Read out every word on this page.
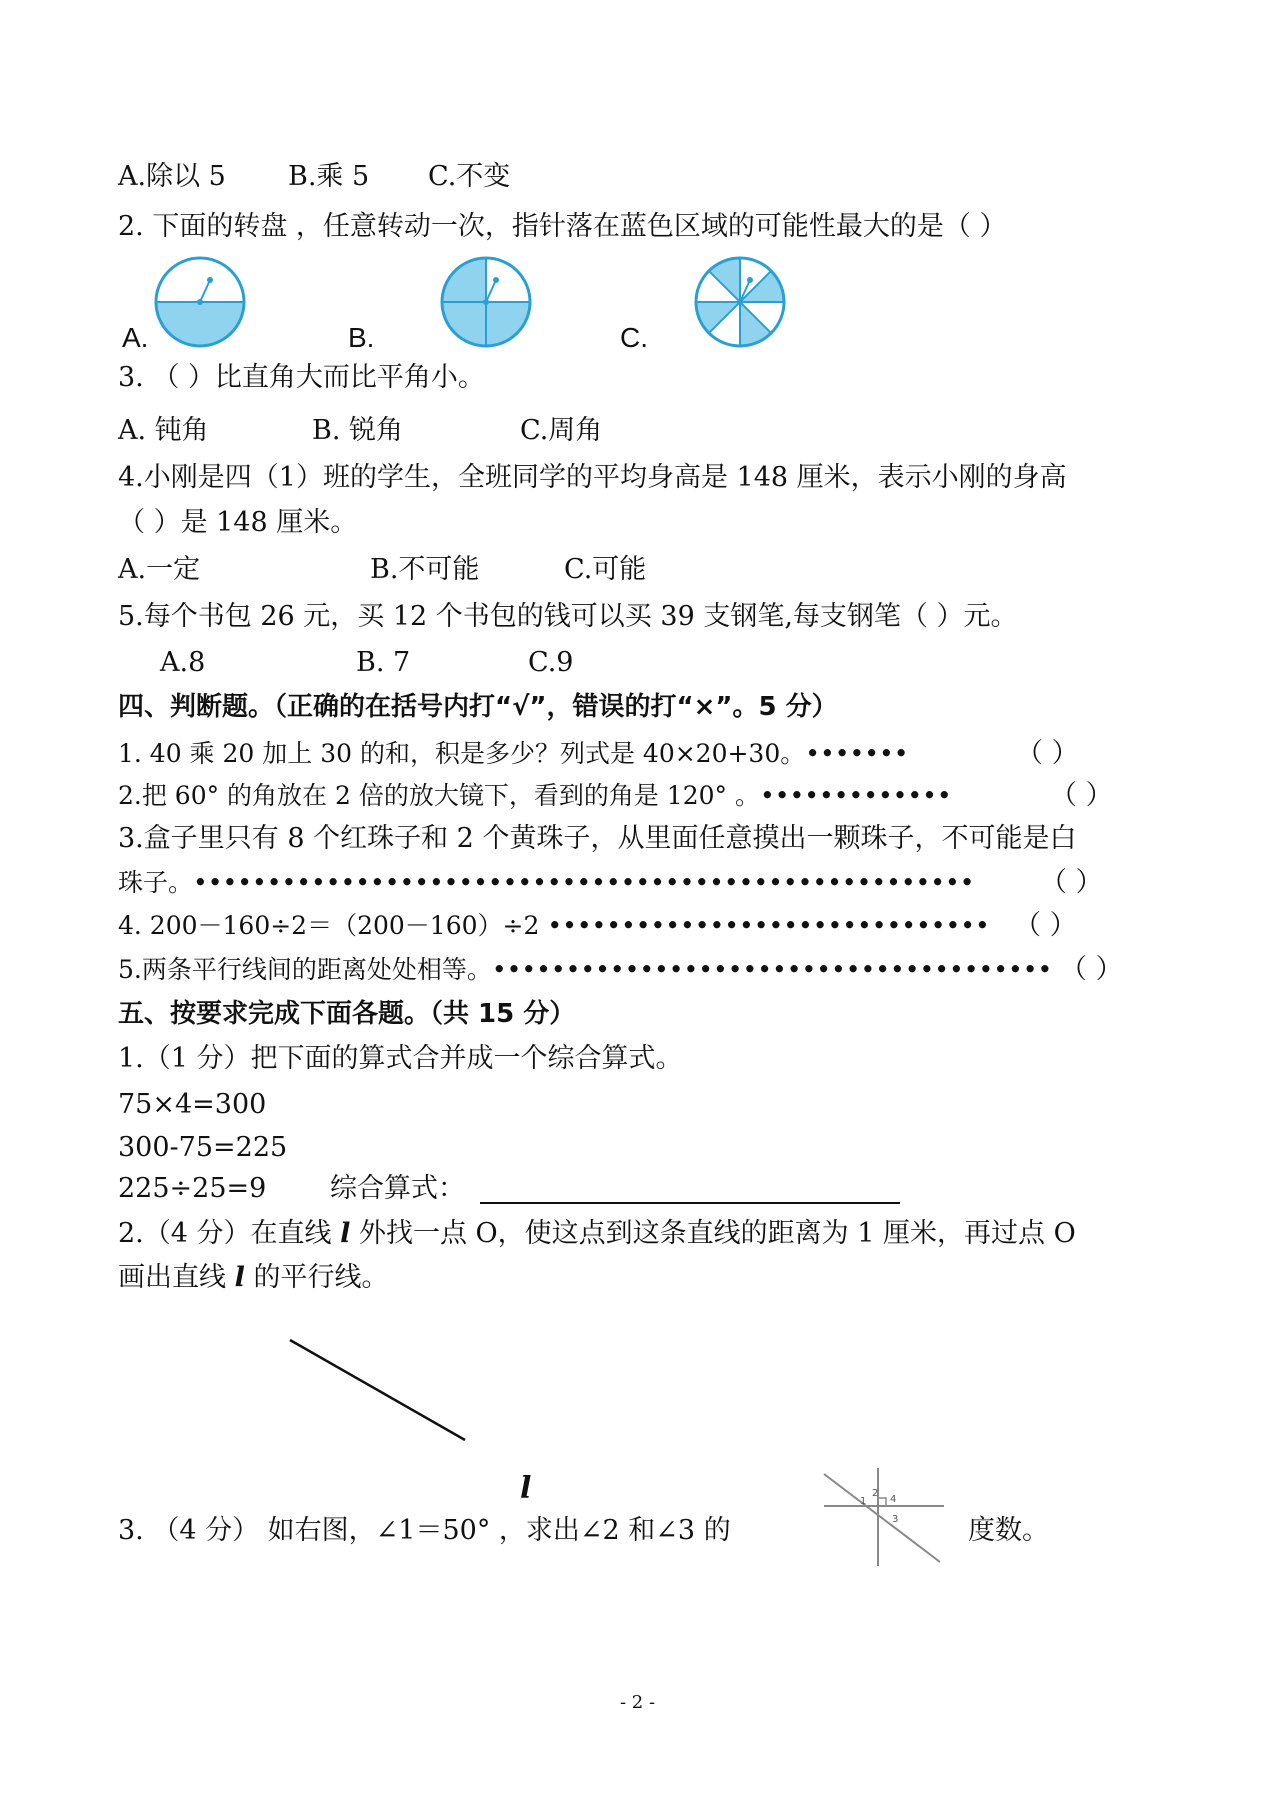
A.除以 5 B.乘 5 C.不变
2. 下面的转盘 ，任意转动一次，指针落在蓝色区域的可能性最大的是（ ）
A.	B.	C.
3. （ ）比直角大而比平角小。
A. 钝角	B. 锐角	C.周角
4.小刚是四（1）班的学生，全班同学的平均身高是 148 厘米，表示小刚的身高
（ ）是 148 厘米。
A.一定	B.不可能	C.可能
5.每个书包 26 元，买 12 个书包的钱可以买 39 支钢笔,每支钢笔（ ）元。
A.8	B. 7	C.9
四、判断题。（正确的在括号内打“√”，错误的打“×”。5 分）
1. 40 乘 20 加上 30 的和，积是多少？列式是 40×20+30。•••••••	（ ）
2.把 60° 的角放在 2 倍的放大镜下，看到的角是 120° 。•••••••••••••	（ ）
3.盒子里只有 8 个红珠子和 2 个黄珠子，从里面任意摸出一颗珠子，不可能是白
珠子。••••••••••••••••••••••••••••••••••••••••••••••••••••• （ ）
4. 200－160÷2＝（200－160）÷2 •••••••••••••••••••••••••••••• （ ）
5.两条平行线间的距离处处相等。•••••••••••••••••••••••••••••••••••••• （ ）
五、按要求完成下面各题。（共 15 分）
1.（1 分）把下面的算式合并成一个综合算式。
75×4=300
300-75=225
225÷25=9 综合算式：
2.（4 分）在直线 l 外找一点 O，使这点到这条直线的距离为 1 厘米，再过点 O
画出直线 l 的平行线。
l
3. （4 分） 如右图，∠1＝50° ，求出∠2 和∠3 的
1
2
4
3	度数。
- 2 -
